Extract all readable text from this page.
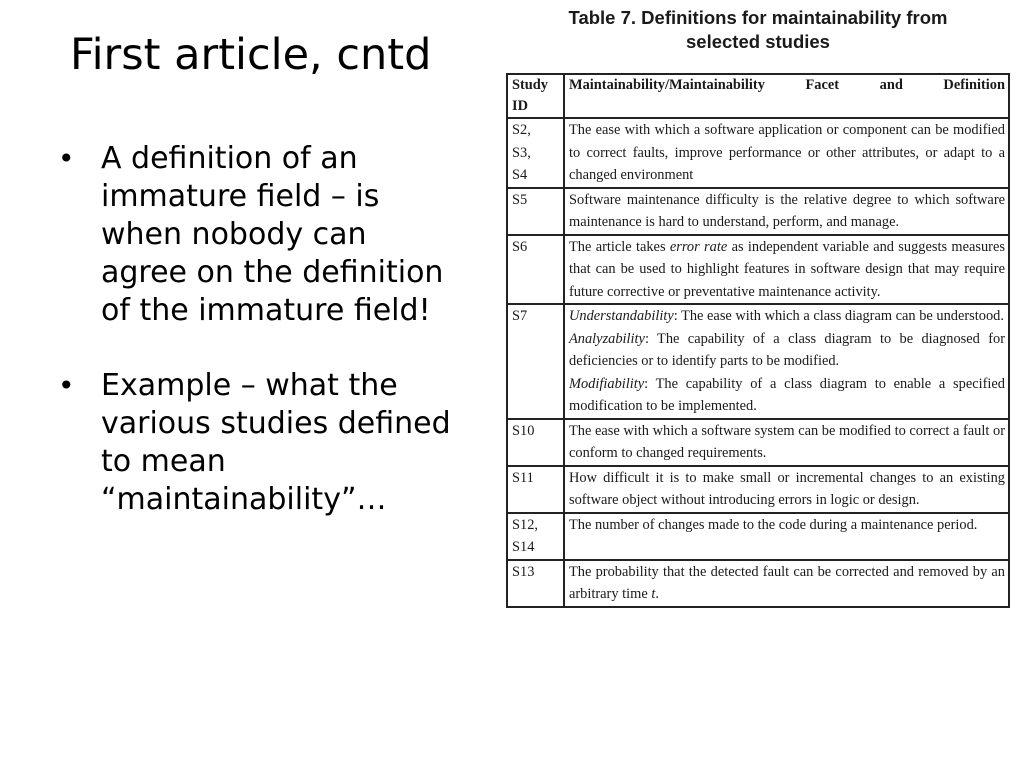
First article, cntd
• A definition of an immature field – is when nobody can agree on the definition of the immature field!
• Example – what the various studies defined to mean “maintainability”…

Table 7. Definitions for maintainability from
selected studies

Study ID	Maintainability/Maintainability Facet and Definition
S2,
S3,
S4	The ease with which a software application or component can be modified to correct faults, improve performance or other attributes, or adapt to a changed environment
S5	Software maintenance difficulty is the relative degree to which software maintenance is hard to understand, perform, and manage.
S6	The article takes error rate as independent variable and suggests measures that can be used to highlight features in software design that may require future corrective or preventative maintenance activity.
S7	Understandability: The ease with which a class diagram can be understood.
Analyzability: The capability of a class diagram to be diagnosed for deficiencies or to identify parts to be modified.
Modifiability: The capability of a class diagram to enable a specified modification to be implemented.

S10	The ease with which a software system can be modified to correct a fault or conform to changed requirements.
S11	How difficult it is to make small or incremental changes to an existing software object without introducing errors in logic or design.
S12,
S14	The number of changes made to the code during a maintenance period.
S13	The probability that the detected fault can be corrected and removed by an arbitrary time t.
